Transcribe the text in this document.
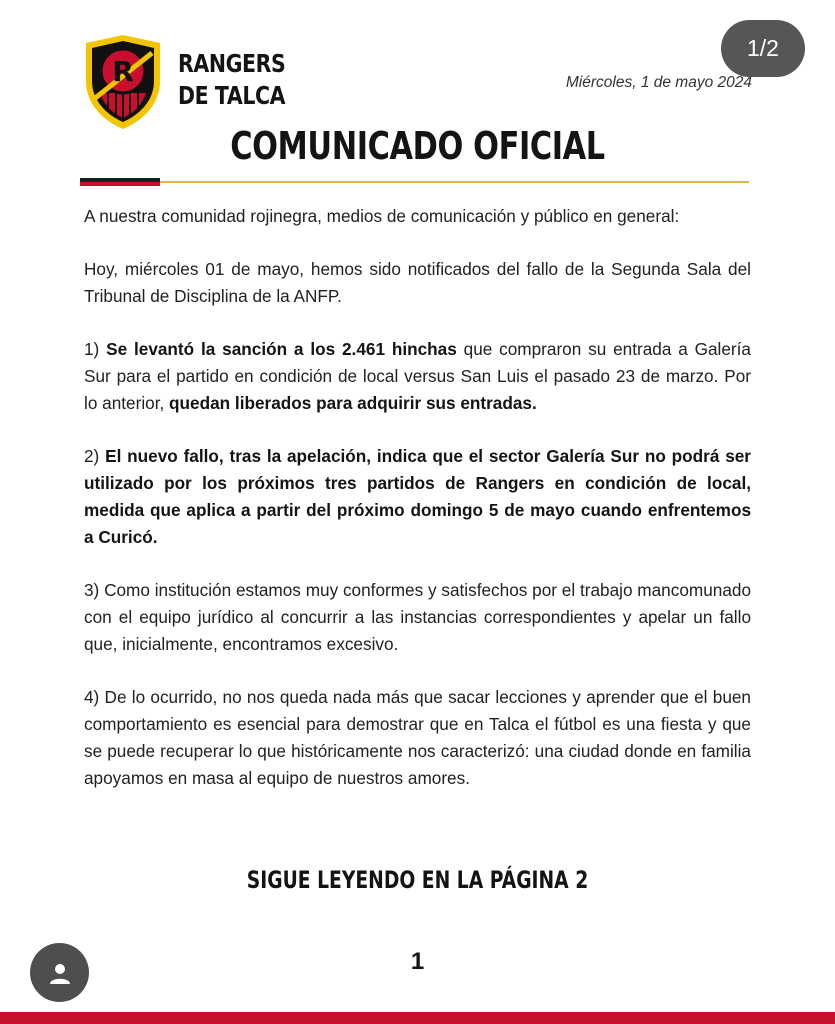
R RANGERS
DE TALCA	Miércoles, 1 de mayo 2024
1/2
COMUNICADO OFICIAL

A nuestra comunidad rojinegra, medios de comunicación y público en general:

Hoy, miércoles 01 de mayo, hemos sido notificados del fallo de la Segunda Sala del Tribunal de Disciplina de la ANFP.

1) Se levantó la sanción a los 2.461 hinchas que compraron su entrada a Galería Sur para el partido en condición de local versus San Luis el pasado 23 de marzo. Por lo anterior, quedan liberados para adquirir sus entradas.

2) El nuevo fallo, tras la apelación, indica que el sector Galería Sur no podrá ser utilizado por los próximos tres partidos de Rangers en condición de local, medida que aplica a partir del próximo domingo 5 de mayo cuando enfrentemos a Curicó.

3) Como institución estamos muy conformes y satisfechos por el trabajo mancomunado con el equipo jurídico al concurrir a las instancias correspondientes y apelar un fallo que, inicialmente, encontramos excesivo.

4) De lo ocurrido, no nos queda nada más que sacar lecciones y aprender que el buen comportamiento es esencial para demostrar que en Talca el fútbol es una fiesta y que se puede recuperar lo que históricamente nos caracterizó: una ciudad donde en familia apoyamos en masa al equipo de nuestros amores.

SIGUE LEYENDO EN LA PÁGINA 2
1
